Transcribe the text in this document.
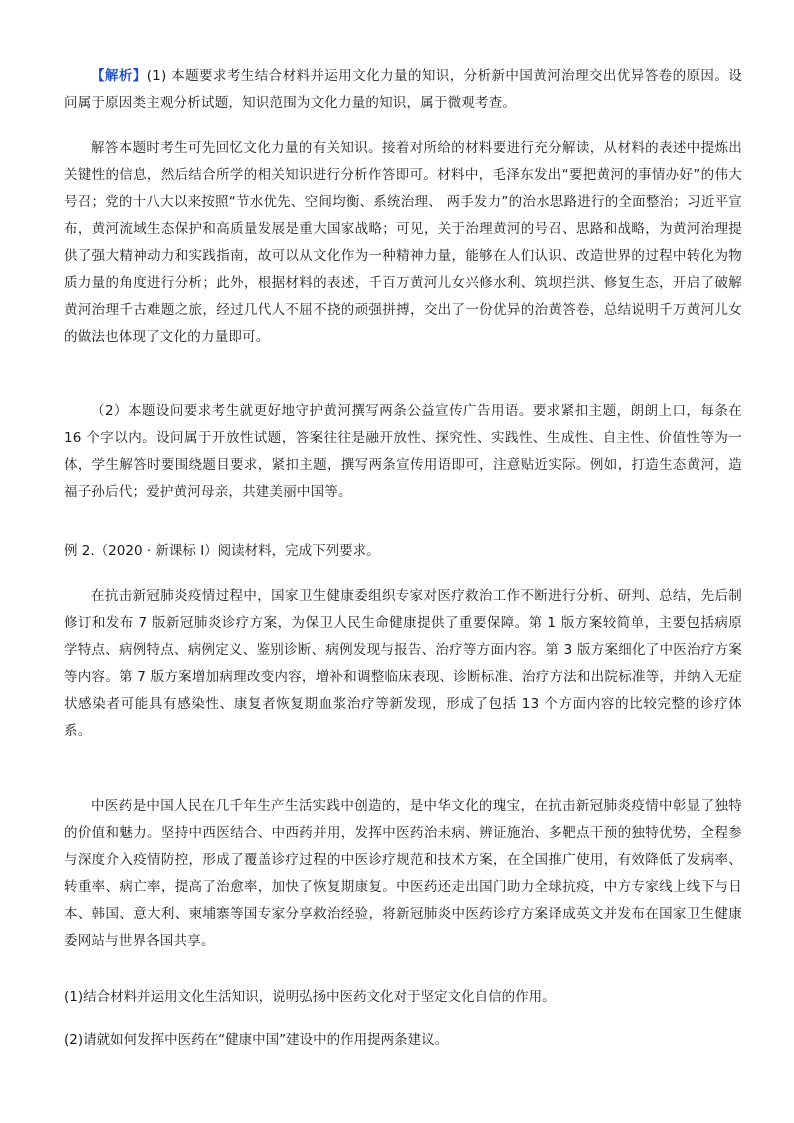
【解析】(1) 本题要求考生结合材料并运用文化力量的知识，分析新中国黄河治理交出优异答卷的原因。设问属于原因类主观分析试题，知识范围为文化力量的知识，属于微观考查。

解答本题时考生可先回忆文化力量的有关知识。接着对所给的材料要进行充分解读，从材料的表述中提炼出关键性的信息，然后结合所学的相关知识进行分析作答即可。材料中，毛泽东发出“要把黄河的事情办好”的伟大号召；党的十八大以来按照“节水优先、空间均衡、系统治理、 两手发力”的治水思路进行的全面整治；习近平宣布，黄河流域生态保护和高质量发展是重大国家战略；可见，关于治理黄河的号召、思路和战略，为黄河治理提供了强大精神动力和实践指南，故可以从文化作为一种精神力量，能够在人们认识、改造世界的过程中转化为物质力量的角度进行分析；此外，根据材料的表述，千百万黄河儿女兴修水利、筑坝拦洪、修复生态，开启了破解黄河治理千古难题之旅，经过几代人不屈不挠的顽强拼搏，交出了一份优异的治黄答卷，总结说明千万黄河儿女的做法也体现了文化的力量即可。

（2）本题设问要求考生就更好地守护黄河撰写两条公益宣传广告用语。要求紧扣主题，朗朗上口，每条在 16 个字以内。设问属于开放性试题，答案往往是融开放性、探究性、实践性、生成性、自主性、价值性等为一体，学生解答时要围绕题目要求，紧扣主题，撰写两条宣传用语即可，注意贴近实际。例如，打造生态黄河，造福子孙后代；爱护黄河母亲，共建美丽中国等。

例 2.（2020 · 新课标 I）阅读材料，完成下列要求。

在抗击新冠肺炎疫情过程中，国家卫生健康委组织专家对医疗救治工作不断进行分析、研判、总结，先后制修订和发布 7 版新冠肺炎诊疗方案，为保卫人民生命健康提供了重要保障。第 1 版方案较简单，主要包括病原学特点、病例特点、病例定义、鉴别诊断、病例发现与报告、治疗等方面内容。第 3 版方案细化了中医治疗方案等内容。第 7 版方案增加病理改变内容，增补和调整临床表现、诊断标准、治疗方法和出院标准等，并纳入无症状感染者可能具有感染性、康复者恢复期血浆治疗等新发现，形成了包括 13 个方面内容的比较完整的诊疗体系。

中医药是中国人民在几千年生产生活实践中创造的，是中华文化的瑰宝，在抗击新冠肺炎疫情中彰显了独特的价值和魅力。坚持中西医结合、中西药并用，发挥中医药治未病、辨证施治、多靶点干预的独特优势，全程参与深度介入疫情防控，形成了覆盖诊疗过程的中医诊疗规范和技术方案，在全国推广使用，有效降低了发病率、转重率、病亡率，提高了治愈率，加快了恢复期康复。中医药还走出国门助力全球抗疫，中方专家线上线下与日本、韩国、意大利、柬埔寨等国专家分享救治经验，将新冠肺炎中医药诊疗方案译成英文并发布在国家卫生健康委网站与世界各国共享。

(1)结合材料并运用文化生活知识，说明弘扬中医药文化对于坚定文化自信的作用。

(2)请就如何发挥中医药在“健康中国”建设中的作用提两条建议。
